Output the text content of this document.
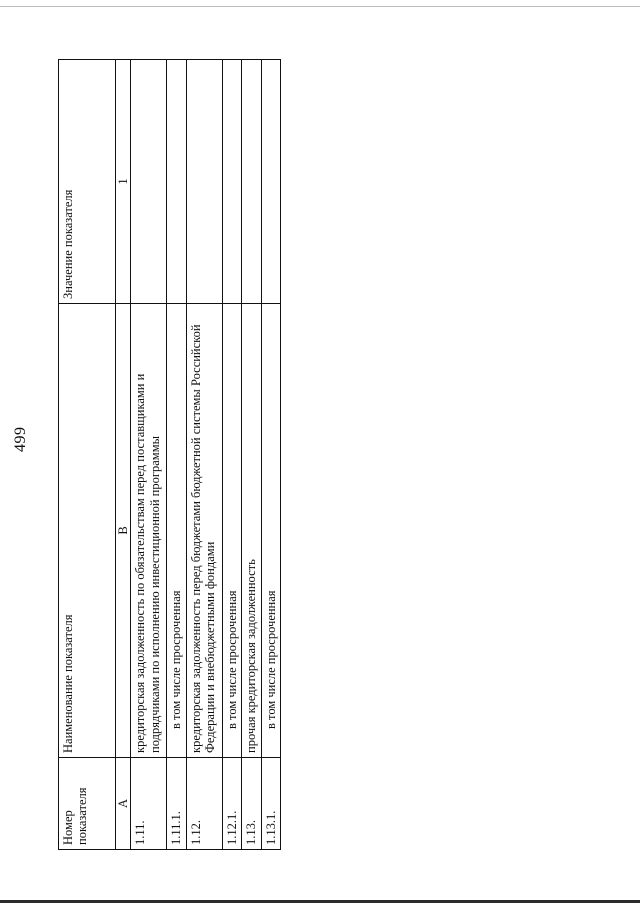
499
Номер показателя	Наименование показателя	Значение показателя
А	В	1
1.11.	кредиторская задолженность по обязательствам перед поставщиками и подрядчиками по исполнению инвестиционной программы	
1.11.1.	в том числе просроченная	
1.12.	кредиторская задолженность перед бюджетами бюджетной системы Российской Федерации и внебюджетными фондами	
1.12.1.	в том числе просроченная	
1.13.	прочая кредиторская задолженность	
1.13.1.	в том числе просроченная	
